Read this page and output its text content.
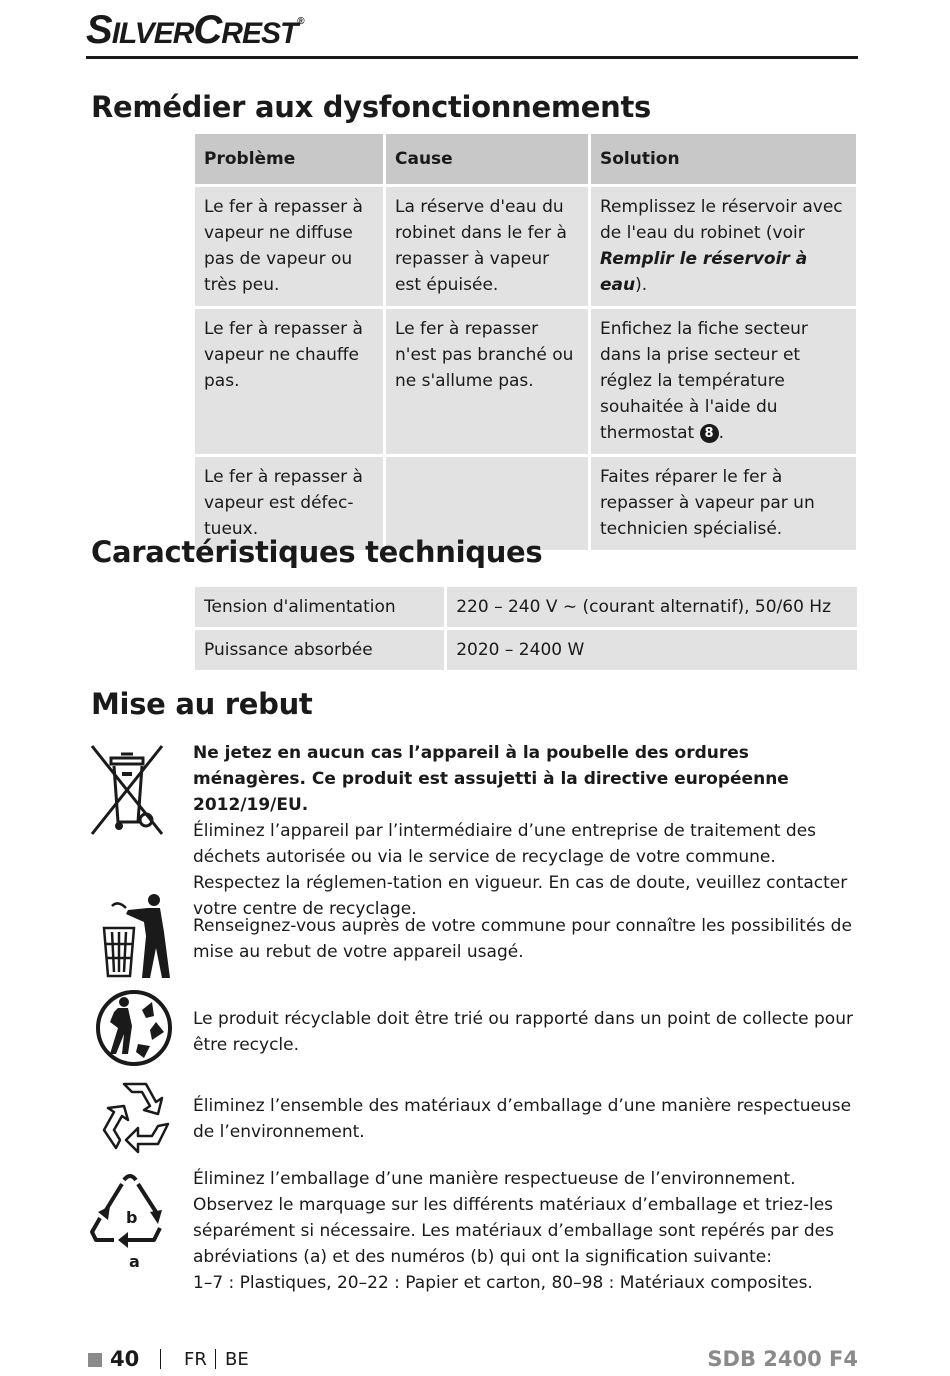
SILVERCREST®
Remédier aux dysfonctionnements
Problème	Cause	Solution
Le fer à repasser à vapeur ne diffuse pas de vapeur ou très peu.	La réserve d'eau du robinet dans le fer à repasser à vapeur est épuisée.	Remplissez le réservoir avec de l'eau du robinet (voir Remplir le réservoir à eau).
Le fer à repasser à vapeur ne chauffe pas.	Le fer à repasser n'est pas branché ou ne s'allume pas.	Enfichez la fiche secteur dans la prise secteur et réglez la température souhaitée à l'aide du thermostat 8 .
Le fer à repasser à vapeur est défec-tueux.		Faites réparer le fer à repasser à vapeur par un technicien spécialisé.
Caractéristiques techniques
Tension d'alimentation	220 – 240 V ∼ (courant alternatif), 50/60 Hz
Puissance absorbée	2020 – 2400 W
Mise au rebut

Ne jetez en aucun cas l’appareil à la poubelle des ordures ménagères. Ce produit est assujetti à la directive européenne 2012/19/EU.

Éliminez l’appareil par l’intermédiaire d’une entreprise de traitement des déchets autorisée ou via le service de recyclage de votre commune. Respectez la réglemen-tation en vigueur. En cas de doute, veuillez contacter votre centre de recyclage.

Renseignez-vous auprès de votre commune pour connaître les possibilités de mise au rebut de votre appareil usagé.

Le produit récyclable doit être trié ou rapporté dans un point de collecte pour être recycle.

Éliminez l’ensemble des matériaux d’emballage d’une manière respectueuse de l’environnement.

b
a

Éliminez l’emballage d’une manière respectueuse de l’environnement.
Observez le marquage sur les différents matériaux d’emballage et triez-les séparément si nécessaire. Les matériaux d’emballage sont repérés par des abréviations (a) et des numéros (b) qui ont la signification suivante:
1–7 : Plastiques, 20–22 : Papier et carton, 80–98 : Matériaux composites.

40 FR BE	SDB 2400 F4
